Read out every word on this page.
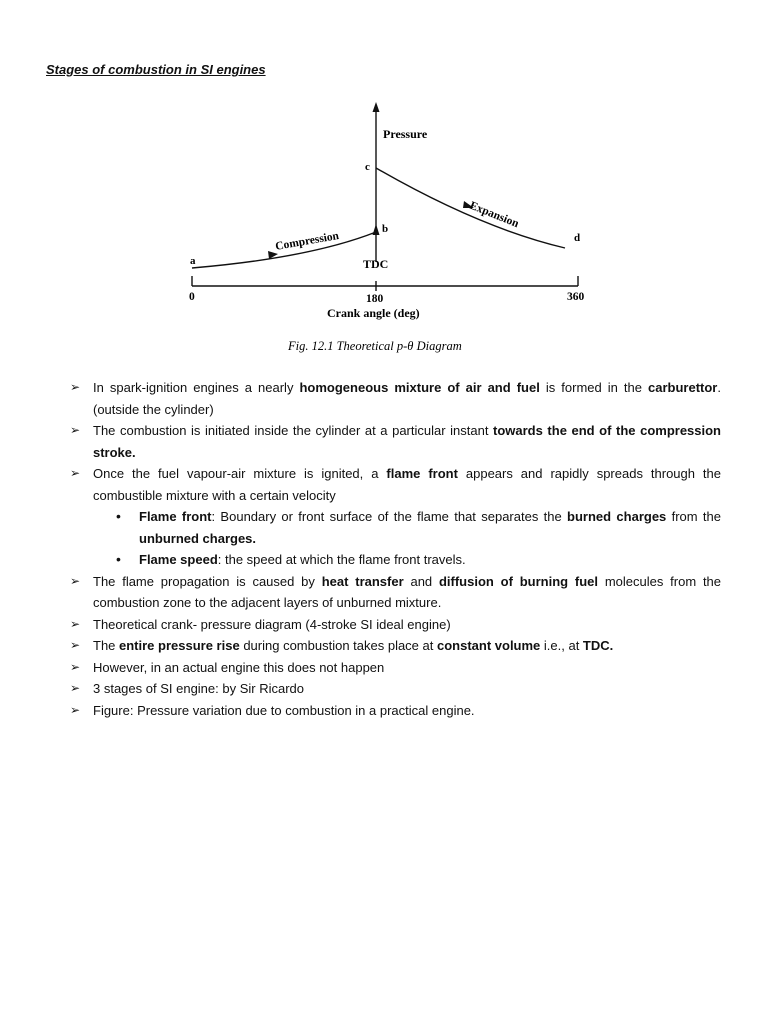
Stages of combustion in SI engines
Pressure
Compression
Expansion
a
b
c
d
TDC
0	180	360
Crank angle (deg)
Fig. 12.1 Theoretical p-θ Diagram
➢ In spark-ignition engines a nearly homogeneous mixture of air and fuel is formed in the carburettor. (outside the cylinder)
➢ The combustion is initiated inside the cylinder at a particular instant towards the end of the compression stroke.
➢ Once the fuel vapour-air mixture is ignited, a flame front appears and rapidly spreads through the combustible mixture with a certain velocity
• Flame front: Boundary or front surface of the flame that separates the burned charges from the unburned charges.
• Flame speed: the speed at which the flame front travels.
➢ The flame propagation is caused by heat transfer and diffusion of burning fuel molecules from the combustion zone to the adjacent layers of unburned mixture.
➢ Theoretical crank- pressure diagram (4-stroke SI ideal engine)
➢ The entire pressure rise during combustion takes place at constant volume i.e., at TDC.
➢ However, in an actual engine this does not happen
➢ 3 stages of SI engine: by Sir Ricardo
➢ Figure: Pressure variation due to combustion in a practical engine.
